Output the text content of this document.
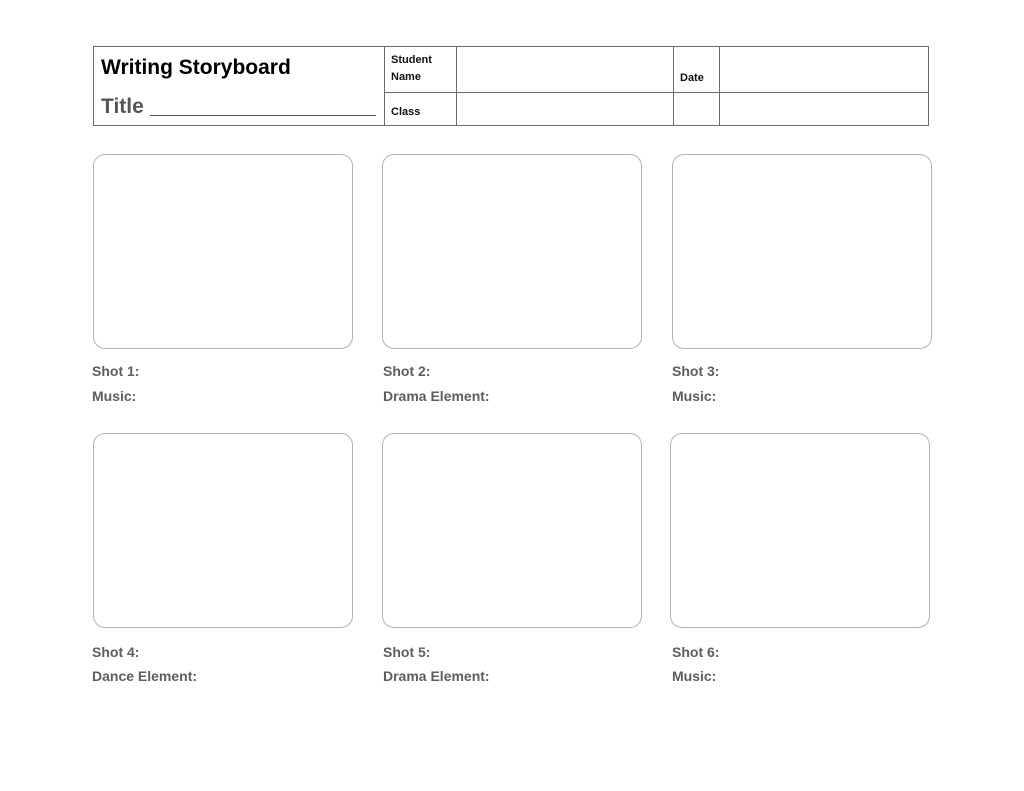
Writing Storyboard
Title
Student
Name	Date
Class
Shot 1:
Music:
Shot 2:
Drama Element:
Shot 3:
Music:
Shot 4:
Dance Element:
Shot 5:
Drama Element:
Shot 6:
Music:
